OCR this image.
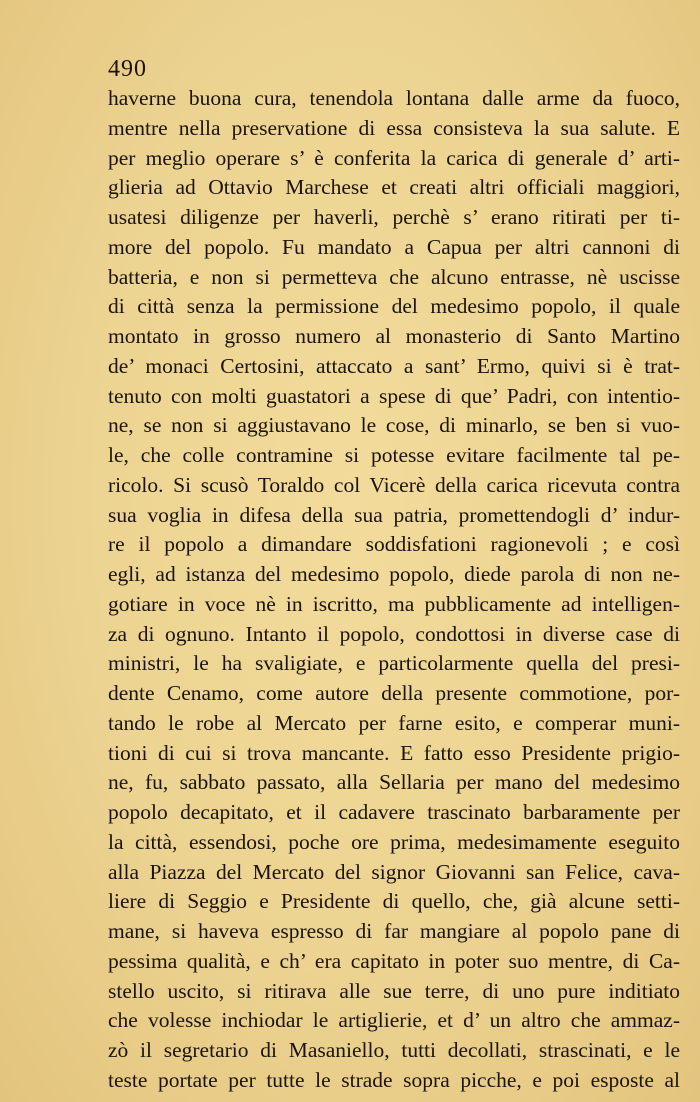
490
haverne buona cura, tenendola lontana dalle arme da fuoco,
mentre nella preservatione di essa consisteva la sua salute. E
per meglio operare s’ è conferita la carica di generale d’ arti-
glieria ad Ottavio Marchese et creati altri officiali maggiori,
usatesi diligenze per haverli, perchè s’ erano ritirati per ti-
more del popolo. Fu mandato a Capua per altri cannoni di
batteria, e non si permetteva che alcuno entrasse, nè uscisse
di città senza la permissione del medesimo popolo, il quale
montato in grosso numero al monasterio di Santo Martino
de’ monaci Certosini, attaccato a sant’ Ermo, quivi si è trat-
tenuto con molti guastatori a spese di que’ Padri, con intentio-
ne, se non si aggiustavano le cose, di minarlo, se ben si vuo-
le, che colle contramine si potesse evitare facilmente tal pe-
ricolo. Si scusò Toraldo col Vicerè della carica ricevuta contra
sua voglia in difesa della sua patria, promettendogli d’ indur-
re il popolo a dimandare soddisfationi ragionevoli ; e così
egli, ad istanza del medesimo popolo, diede parola di non ne-
gotiare in voce nè in iscritto, ma pubblicamente ad intelligen-
za di ognuno. Intanto il popolo, condottosi in diverse case di
ministri, le ha svaligiate, e particolarmente quella del presi-
dente Cenamo, come autore della presente commotione, por-
tando le robe al Mercato per farne esito, e comperar muni-
tioni di cui si trova mancante. E fatto esso Presidente prigio-
ne, fu, sabbato passato, alla Sellaria per mano del medesimo
popolo decapitato, et il cadavere trascinato barbaramente per
la città, essendosi, poche ore prima, medesimamente eseguito
alla Piazza del Mercato del signor Giovanni san Felice, cava-
liere di Seggio e Presidente di quello, che, già alcune setti-
mane, si haveva espresso di far mangiare al popolo pane di
pessima qualità, e ch’ era capitato in poter suo mentre, di Ca-
stello uscito, si ritirava alle sue terre, di uno pure inditiato
che volesse inchiodar le artiglierie, et d’ un altro che ammaz-
zò il segretario di Masaniello, tutti decollati, strascinati, e le
teste portate per tutte le strade sopra picche, e poi esposte al
